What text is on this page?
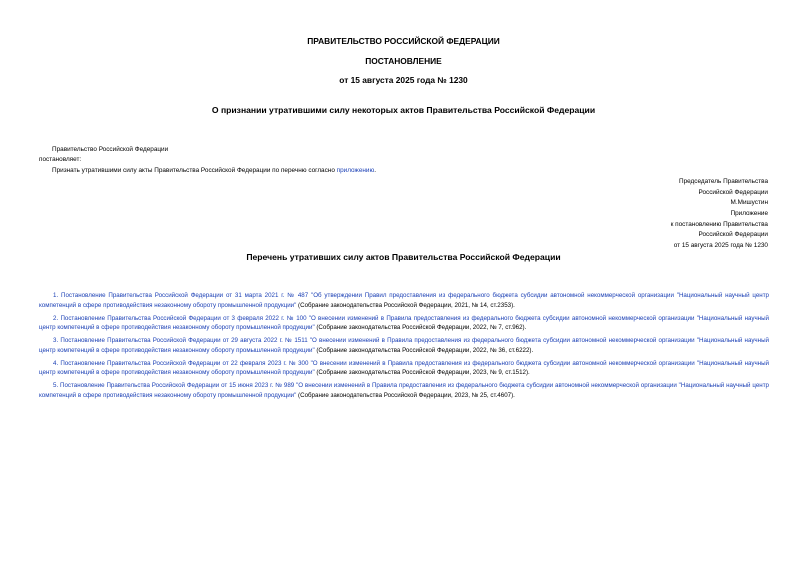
ПРАВИТЕЛЬСТВО РОССИЙСКОЙ ФЕДЕРАЦИИ
ПОСТАНОВЛЕНИЕ
от 15 августа 2025 года № 1230
О признании утратившими силу некоторых актов Правительства Российской Федерации
Правительство Российской Федерации
постановляет:
Признать утратившими силу акты Правительства Российской Федерации по перечню согласно приложению.
Председатель Правительства
Российской Федерации
М.Мишустин
Приложение
к постановлению Правительства
Российской Федерации
от 15 августа 2025 года № 1230
Перечень утративших силу актов Правительства Российской Федерации

1. Постановление Правительства Российской Федерации от 31 марта 2021 г. № 487 "Об утверждении Правил предоставления из федерального бюджета субсидии автономной некоммерческой организации "Национальный научный центр компетенций в сфере противодействия незаконному обороту промышленной продукции" (Собрание законодательства Российской Федерации, 2021, № 14, ст.2353).

2. Постановление Правительства Российской Федерации от 3 февраля 2022 г. № 100 "О внесении изменений в Правила предоставления из федерального бюджета субсидии автономной некоммерческой организации "Национальный научный центр компетенций в сфере противодействия незаконному обороту промышленной продукции" (Собрание законодательства Российской Федерации, 2022, № 7, ст.962).

3. Постановление Правительства Российской Федерации от 29 августа 2022 г. № 1511 "О внесении изменений в Правила предоставления из федерального бюджета субсидии автономной некоммерческой организации "Национальный научный центр компетенций в сфере противодействия незаконному обороту промышленной продукции" (Собрание законодательства Российской Федерации, 2022, № 36, ст.6222).

4. Постановление Правительства Российской Федерации от 22 февраля 2023 г. № 300 "О внесении изменений в Правила предоставления из федерального бюджета субсидии автономной некоммерческой организации "Национальный научный центр компетенций в сфере противодействия незаконному обороту промышленной продукции" (Собрание законодательства Российской Федерации, 2023, № 9, ст.1512).

5. Постановление Правительства Российской Федерации от 15 июня 2023 г. № 989 "О внесении изменений в Правила предоставления из федерального бюджета субсидии автономной некоммерческой организации "Национальный научный центр компетенций в сфере противодействия незаконному обороту промышленной продукции" (Собрание законодательства Российской Федерации, 2023, № 25, ст.4607).
